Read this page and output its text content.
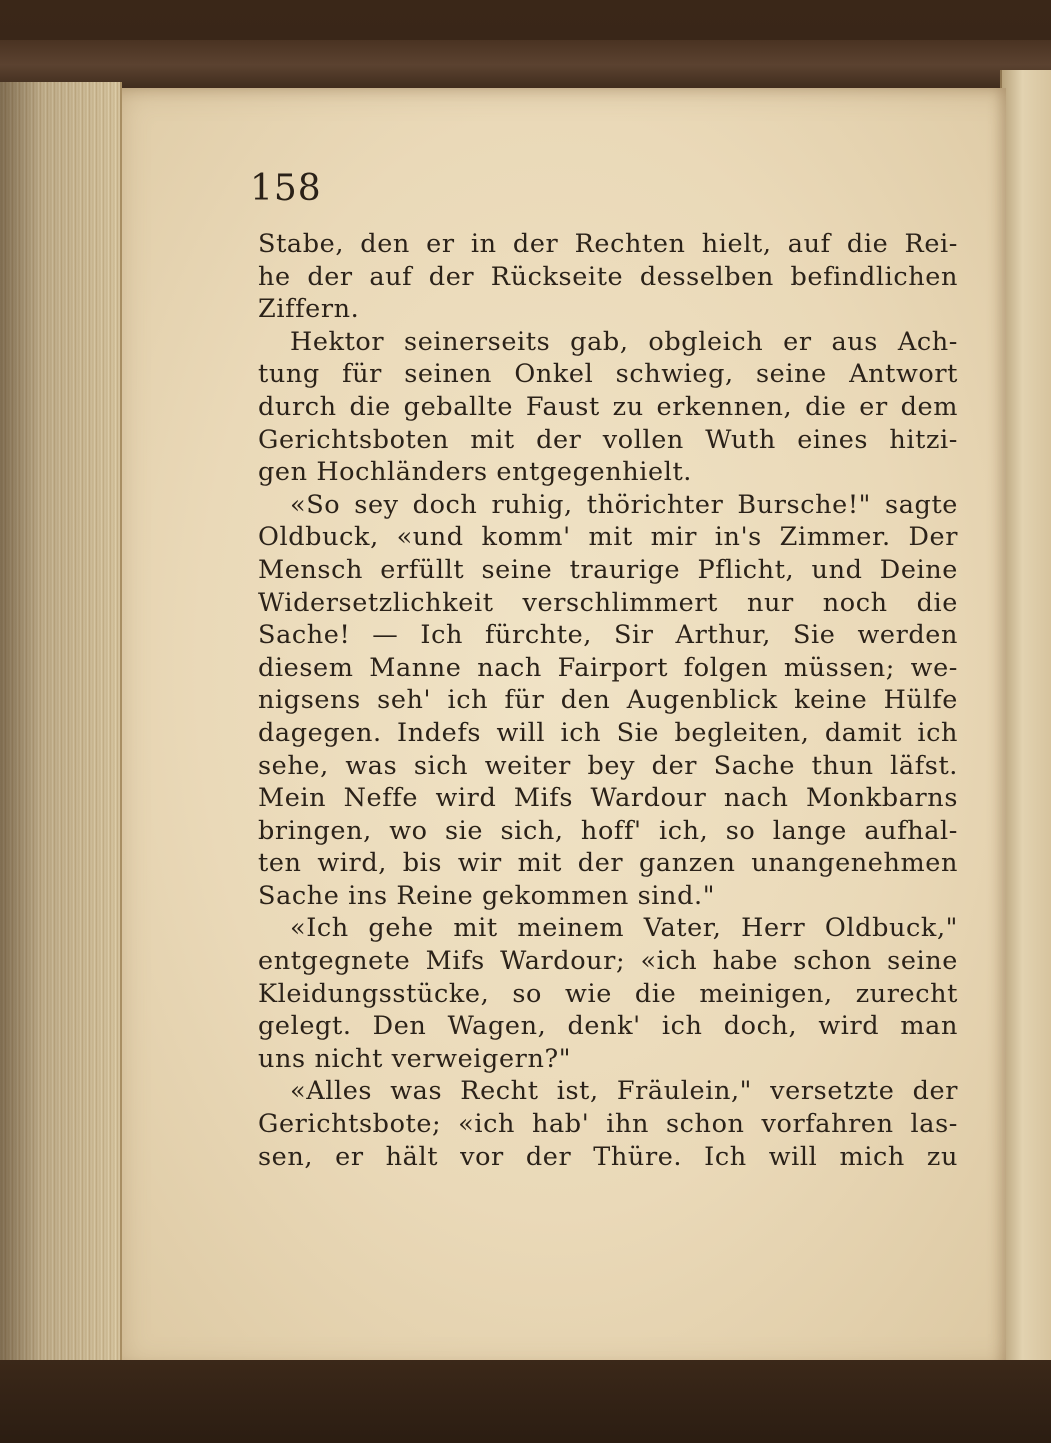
158
Stabe, den er in der Rechten hielt, auf die Rei-
he der auf der Rückseite desselben befindlichen
Ziffern.
Hektor seinerseits gab, obgleich er aus Ach-
tung für seinen Onkel schwieg, seine Antwort
durch die geballte Faust zu erkennen, die er dem
Gerichtsboten mit der vollen Wuth eines hitzi-
gen Hochländers entgegenhielt.
«So sey doch ruhig, thörichter Bursche!" sagte
Oldbuck, «und komm' mit mir in's Zimmer. Der
Mensch erfüllt seine traurige Pflicht, und Deine
Widersetzlichkeit verschlimmert nur noch die
Sache! — Ich fürchte, Sir Arthur, Sie werden
diesem Manne nach Fairport folgen müssen; we-
nigsens seh' ich für den Augenblick keine Hülfe
dagegen. Indefs will ich Sie begleiten, damit ich
sehe, was sich weiter bey der Sache thun läfst.
Mein Neffe wird Mifs Wardour nach Monkbarns
bringen, wo sie sich, hoff' ich, so lange aufhal-
ten wird, bis wir mit der ganzen unangenehmen
Sache ins Reine gekommen sind."
«Ich gehe mit meinem Vater, Herr Oldbuck,"
entgegnete Mifs Wardour; «ich habe schon seine
Kleidungsstücke, so wie die meinigen, zurecht
gelegt. Den Wagen, denk' ich doch, wird man
uns nicht verweigern?"
«Alles was Recht ist, Fräulein," versetzte der
Gerichtsbote; «ich hab' ihn schon vorfahren las-
sen, er hält vor der Thüre. Ich will mich zu
